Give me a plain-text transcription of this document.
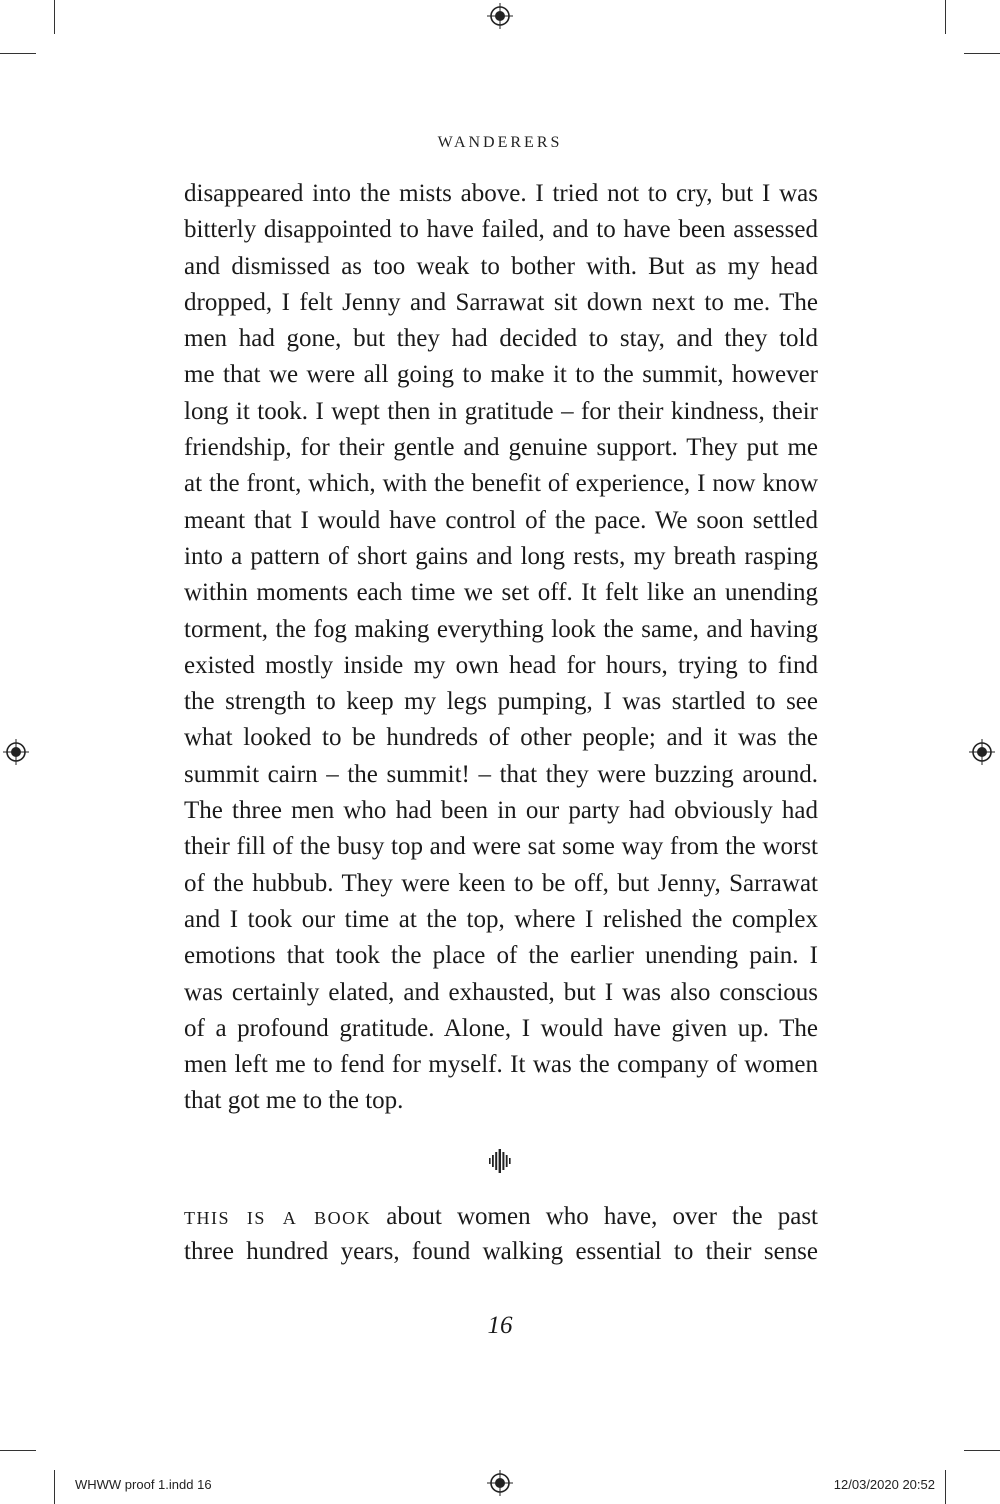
WANDERERS
disappeared into the mists above. I tried not to cry, but I was
bitterly disappointed to have failed, and to have been assessed
and dismissed as too weak to bother with. But as my head
dropped, I felt Jenny and Sarrawat sit down next to me. The
men had gone, but they had decided to stay, and they told
me that we were all going to make it to the summit, however
long it took. I wept then in gratitude – for their kindness, their
friendship, for their gentle and genuine support. They put me
at the front, which, with the benefit of experience, I now know
meant that I would have control of the pace. We soon settled
into a pattern of short gains and long rests, my breath rasping
within moments each time we set off. It felt like an unending
torment, the fog making everything look the same, and having
existed mostly inside my own head for hours, trying to find
the strength to keep my legs pumping, I was startled to see
what looked to be hundreds of other people; and it was the
summit cairn – the summit! – that they were buzzing around.
The three men who had been in our party had obviously had
their fill of the busy top and were sat some way from the worst
of the hubbub. They were keen to be off, but Jenny, Sarrawat
and I took our time at the top, where I relished the complex
emotions that took the place of the earlier unending pain. I
was certainly elated, and exhausted, but I was also conscious
of a profound gratitude. Alone, I would have given up. The
men left me to fend for myself. It was the company of women
that got me to the top.
this is a book about women who have, over the past
three hundred years, found walking essential to their sense
16
WHWW proof 1.indd 16	12/03/2020 20:52
